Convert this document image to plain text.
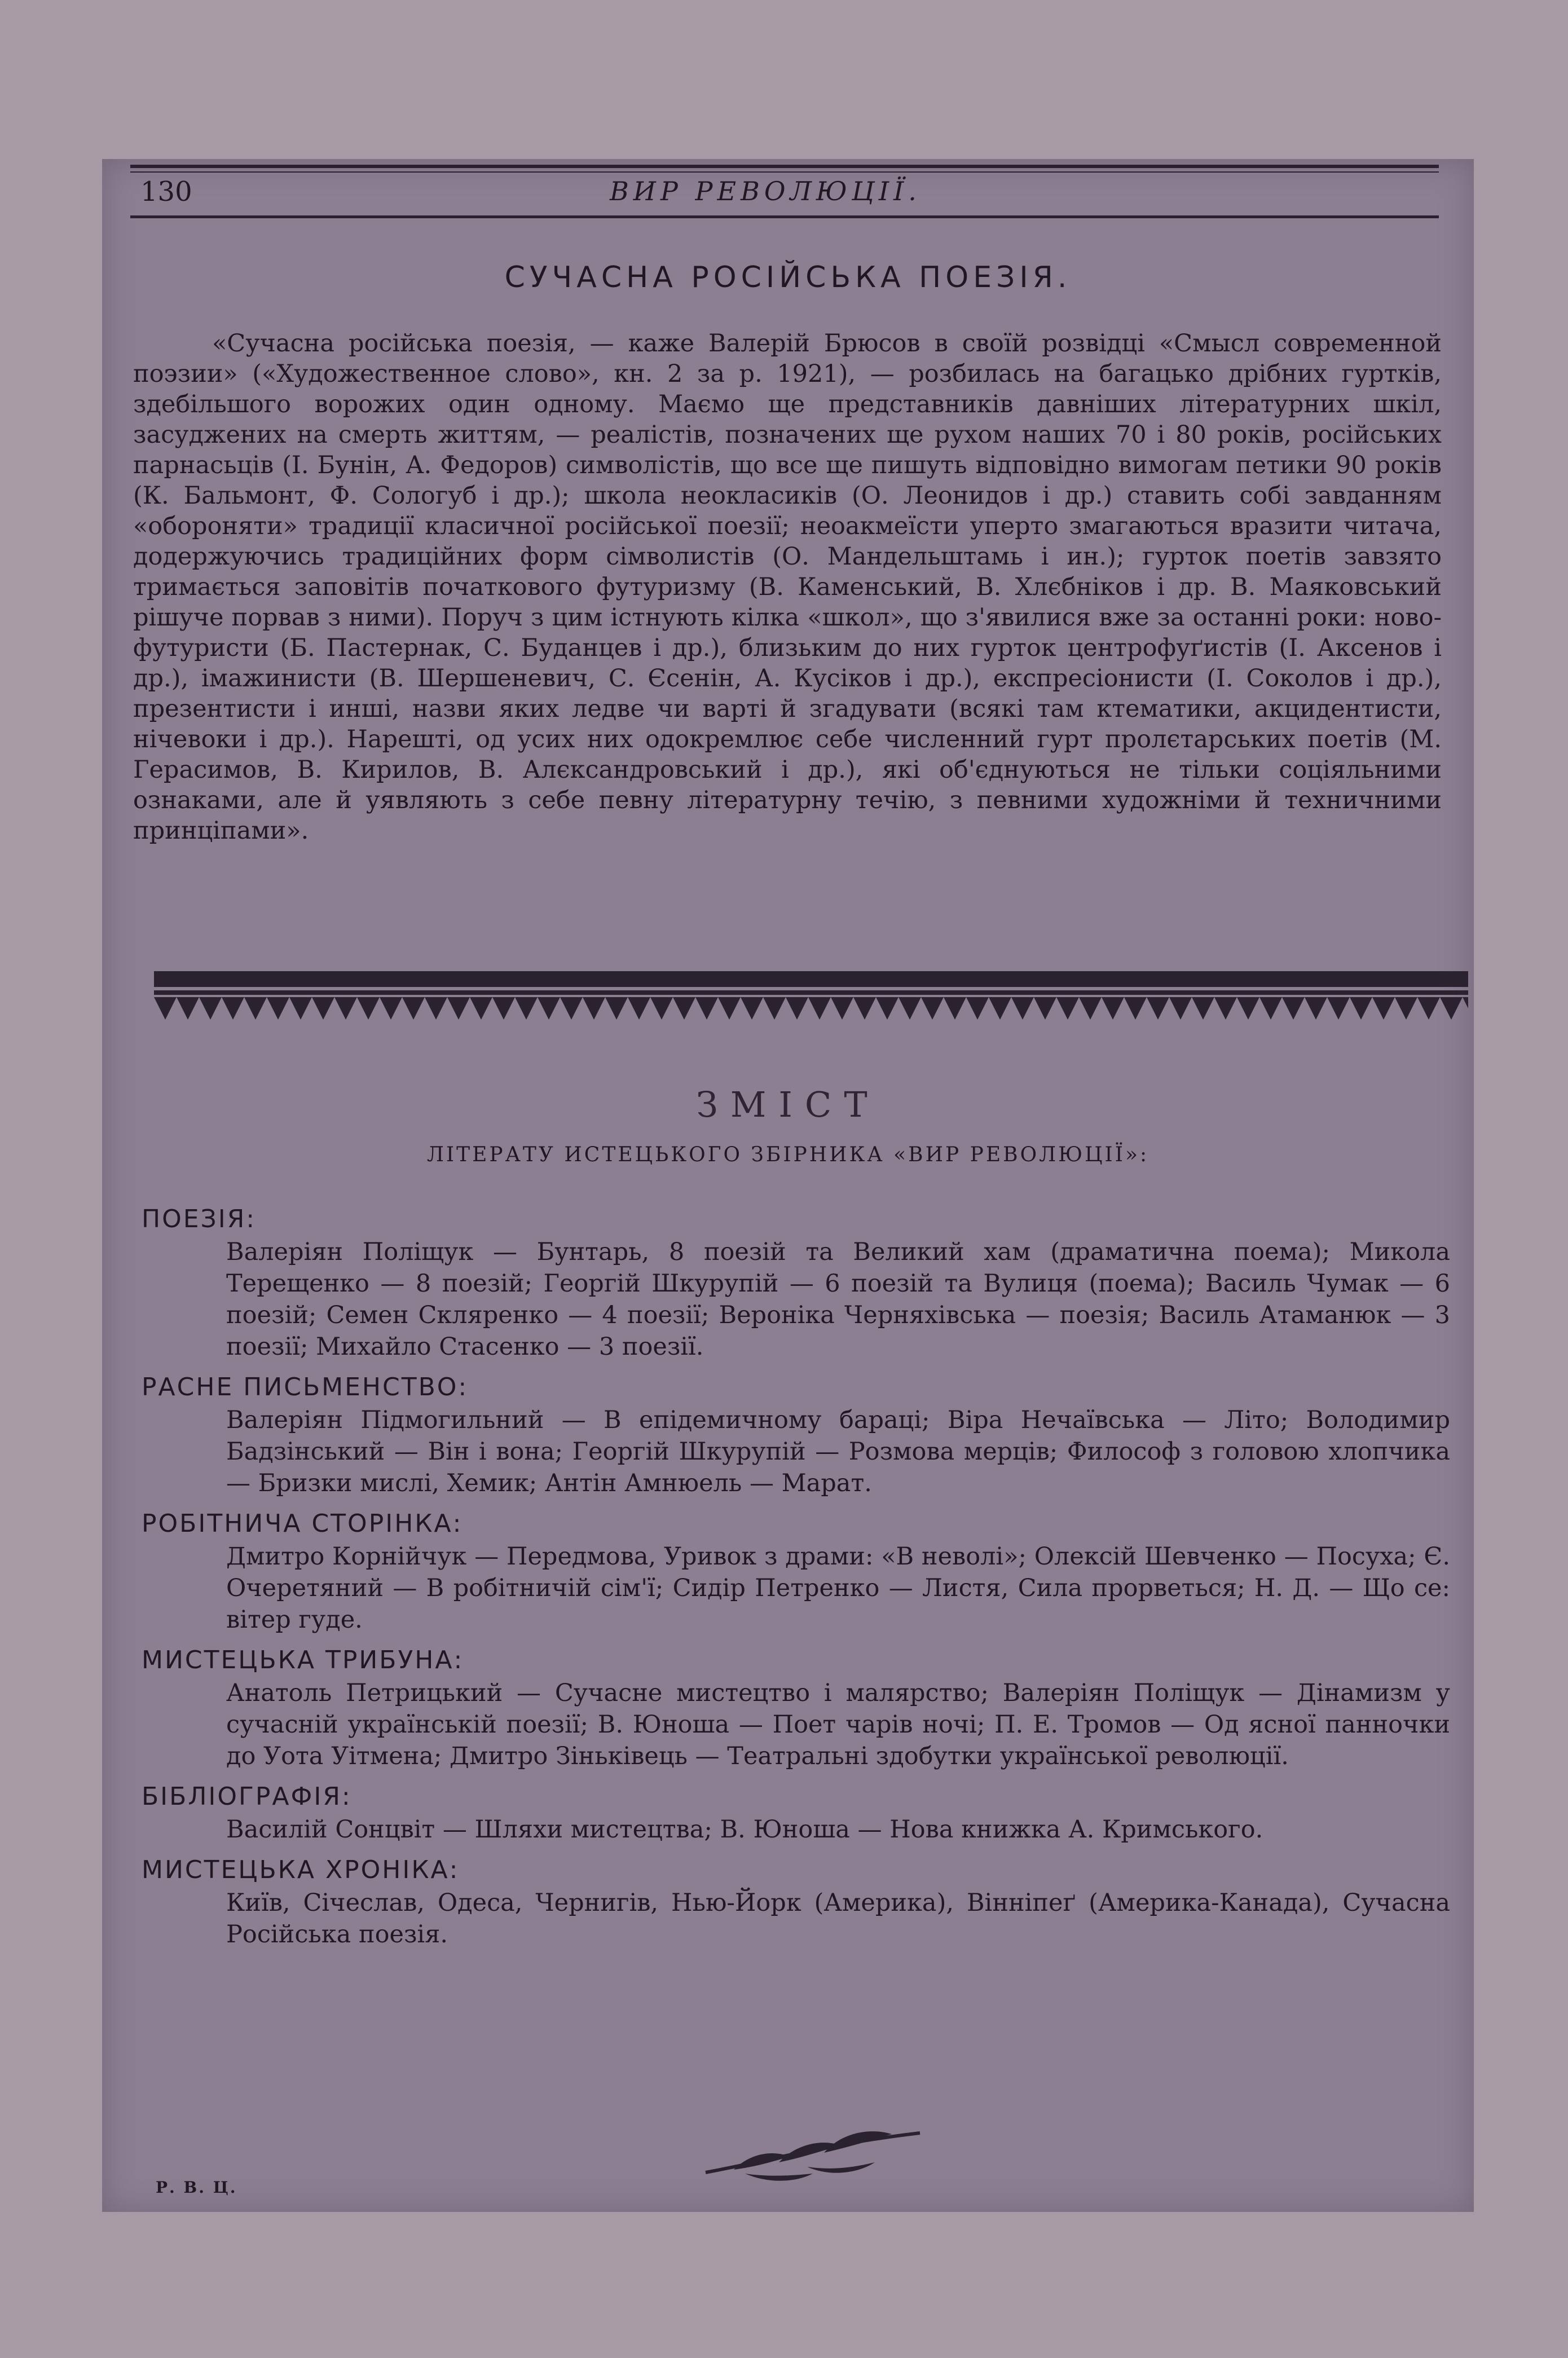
130	ВИР РЕВОЛЮЦІЇ.
СУЧАСНА РОСІЙСЬКА ПОЕЗІЯ.
«Сучасна російська поезія, — каже Валерій Брюсов в своїй розвідці «Смысл современной поэзии» («Художественное слово», кн. 2 за р. 1921), — розбилась на багацько дрібних гуртків, здебільшого ворожих один одному. Маємо ще представників давніших літературних шкіл, засуджених на смерть життям, — реалістів, позначених ще рухом наших 70 і 80 років, російських парнасьців (І. Бунін, А. Федоров) символістів, що все ще пишуть відповідно вимогам петики 90 років (К. Бальмонт, Ф. Сологуб і др.); школа неокласиків (О. Леонидов і др.) ставить собі завданням «обороняти» традиції класичної російської поезії; неоакмеїсти уперто змагаються вразити читача, додержуючись традиційних форм сімволистів (О. Мандельштамь і ин.); гурток поетів завзято тримається заповітів початкового футуризму (В. Каменський, В. Хлєбніков і др. В. Маяковський рішуче порвав з ними). Поруч з цим істнують кілка «школ», що з'явилися вже за останні роки: ново-футуристи (Б. Пастернак, С. Буданцев і др.), близьким до них гурток центрофуґистів (І. Аксенов і др.), імажинисти (В. Шершеневич, С. Єсенін, А. Кусіков і др.), експресіонисти (І. Соколов і др.), презентисти і инші, назви яких ледве чи варті й згадувати (всякі там ктематики, акцидентисти, нічевоки і др.). Нарешті, од усих них одокремлює себе численний гурт пролєтарських поетів (М. Герасимов, В. Кирилов, В. Алєксандровський і др.), які об'єднуються не тільки соціяльними ознаками, але й уявляють з себе певну літературну течію, з певними художніми й техничними принціпами».
ЗМІСТ
ЛІТЕРАТУ ИСТЕЦЬКОГО ЗБІРНИКА «ВИР РЕВОЛЮЦІЇ»:
ПОЕЗІЯ:
Валеріян Поліщук — Бунтарь, 8 поезій та Великий хам (драматична поема); Микола Терещенко — 8 поезій; Георгій Шкурупій — 6 поезій та Вулиця (поема); Василь Чумак — 6 поезій; Семен Скляренко — 4 поезії; Вероніка Черняхівська — поезія; Василь Атаманюк — 3 поезії; Михайло Стасенко — 3 поезії.
РАСНЕ ПИСЬМЕНСТВО:
Валеріян Підмогильний — В епідемичному бараці; Віра Нечаївська — Літо; Володимир Бадзінський — Він і вона; Георгій Шкурупій — Розмова мерців; Философ з головою хлопчика — Бризки мислі, Хемик; Антін Амнюель — Марат.
РОБІТНИЧА СТОРІНКА:
Дмитро Корнійчук — Передмова, Уривок з драми: «В неволі»; Олексій Шевченко — Посуха; Є. Очеретяний — В робітничій сім'ї; Сидір Петренко — Листя, Сила прорветься; Н. Д. — Що се: вітер гуде.
МИСТЕЦЬКА ТРИБУНА:
Анатоль Петрицький — Сучасне мистецтво і малярство; Валеріян Поліщук — Дінамизм у сучасній українській поезії; В. Юноша — Поет чарів ночі; П. Е. Тромов — Од ясної панночки до Уота Уітмена; Дмитро Зіньківець — Театральні здобутки української революції.
БІБЛІОГРАФІЯ:
Василій Сонцвіт — Шляхи мистецтва; В. Юноша — Нова книжка А. Кримського.
МИСТЕЦЬКА ХРОНІКА:
Київ, Січеслав, Одеса, Чернигів, Нью-Йорк (Америка), Вінніпеґ (Америка-Канада), Сучасна Російська поезія.
Р. В. Ц.
